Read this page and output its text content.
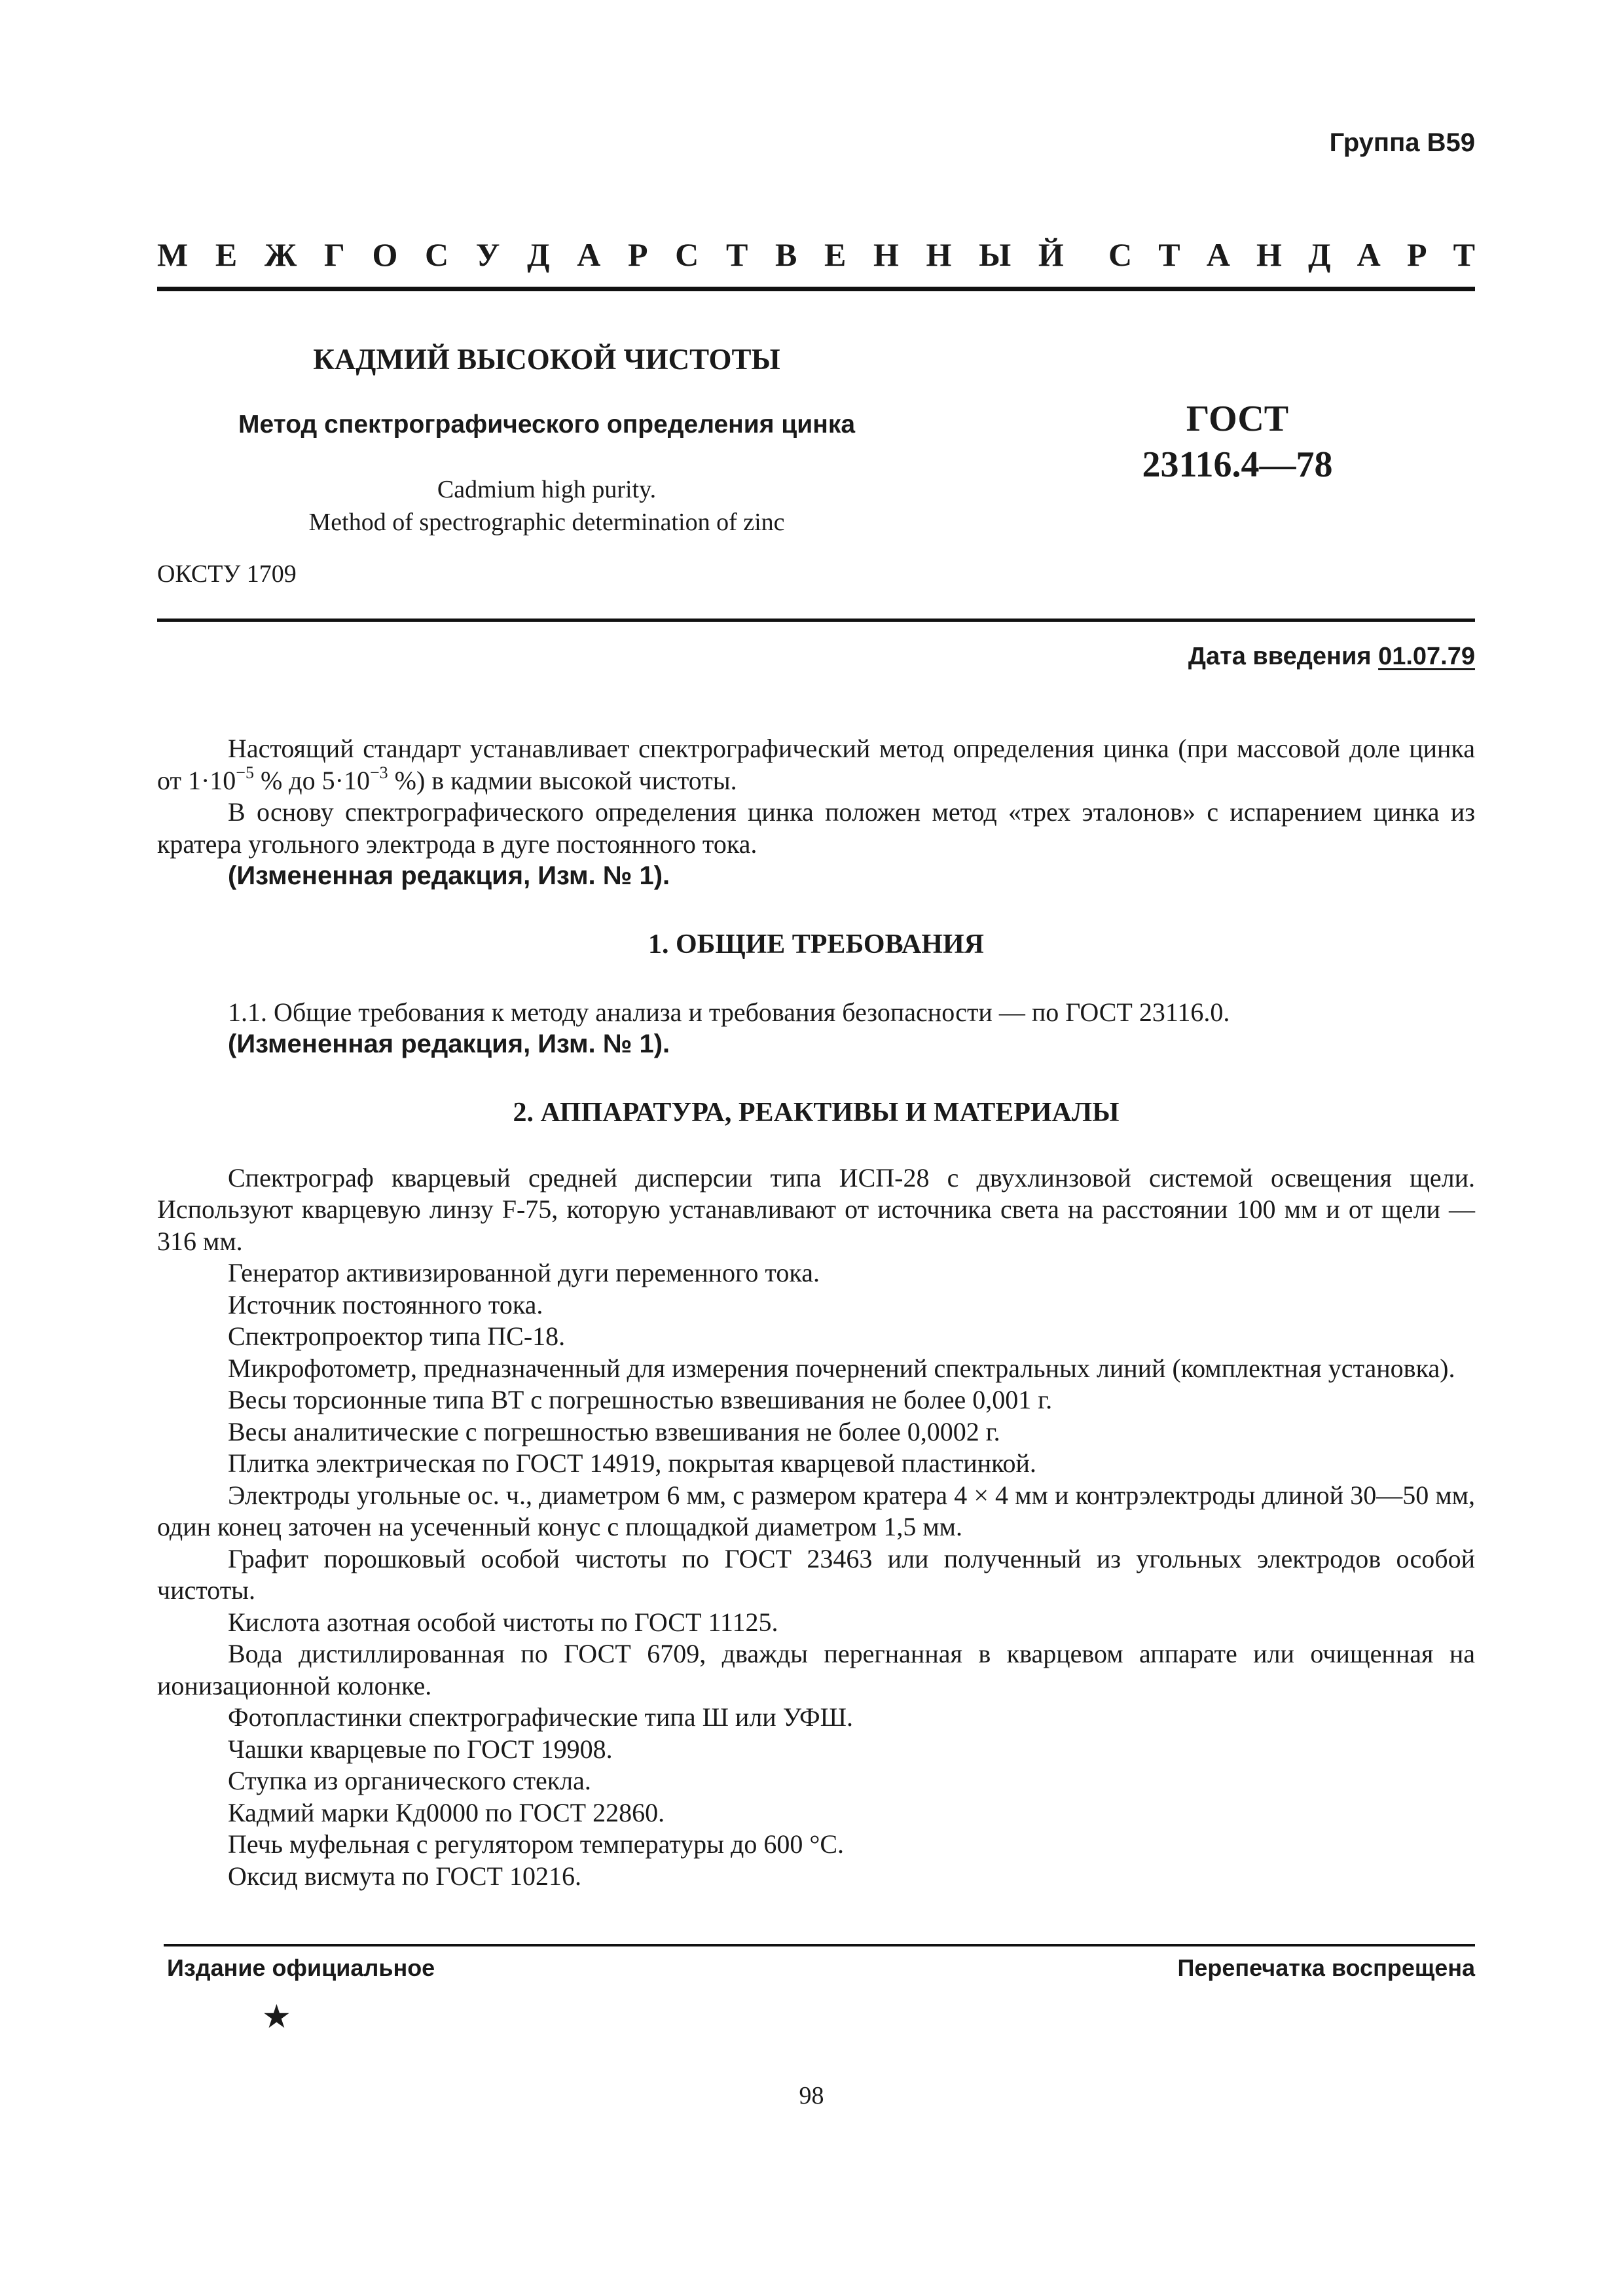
Группа В59
М Е Ж Г О С У Д А Р С Т В Е Н Н Ы Й С Т А Н Д А Р Т
КАДМИЙ ВЫСОКОЙ ЧИСТОТЫ
Метод спектрографического определения цинка
Cadmium high purity.
Method of spectrographic determination of zinc
ГОСТ
23116.4—78
ОКСТУ 1709
Дата введения 01.07.79

Настоящий стандарт устанавливает спектрографический метод определения цинка (при массовой доле цинка от $1\cdot 10^{-5}$ % до $5\cdot 10^{-3}$ %) в кадмии высокой чистоты.

В основу спектрографического определения цинка положен метод «трех эталонов» с испарением цинка из кратера угольного электрода в дуге постоянного тока.

(Измененная редакция, Изм. № 1).

1. ОБЩИЕ ТРЕБОВАНИЯ

1.1. Общие требования к методу анализа и требования безопасности — по ГОСТ 23116.0.

(Измененная редакция, Изм. № 1).

2. АППАРАТУРА, РЕАКТИВЫ И МАТЕРИАЛЫ

Спектрограф кварцевый средней дисперсии типа ИСП-28 с двухлинзовой системой освещения щели. Используют кварцевую линзу F-75, которую устанавливают от источника света на расстоянии 100 мм и от щели — 316 мм.

Генератор активизированной дуги переменного тока.

Источник постоянного тока.

Спектропроектор типа ПС-18.

Микрофотометр, предназначенный для измерения почернений спектральных линий (комплектная установка).

Весы торсионные типа ВТ с погрешностью взвешивания не более 0,001 г.

Весы аналитические с погрешностью взвешивания не более 0,0002 г.

Плитка электрическая по ГОСТ 14919, покрытая кварцевой пластинкой.

Электроды угольные ос. ч., диаметром 6 мм, с размером кратера 4 × 4 мм и контрэлектроды длиной 30—50 мм, один конец заточен на усеченный конус с площадкой диаметром 1,5 мм.

Графит порошковый особой чистоты по ГОСТ 23463 или полученный из угольных электродов особой чистоты.

Кислота азотная особой чистоты по ГОСТ 11125.

Вода дистиллированная по ГОСТ 6709, дважды перегнанная в кварцевом аппарате или очищенная на ионизационной колонке.

Фотопластинки спектрографические типа Ш или УФШ.

Чашки кварцевые по ГОСТ 19908.

Ступка из органического стекла.

Кадмий марки Кд0000 по ГОСТ 22860.

Печь муфельная с регулятором температуры до 600 °С.

Оксид висмута по ГОСТ 10216.

Издание официальное	Перепечатка воспрещена
★
98
